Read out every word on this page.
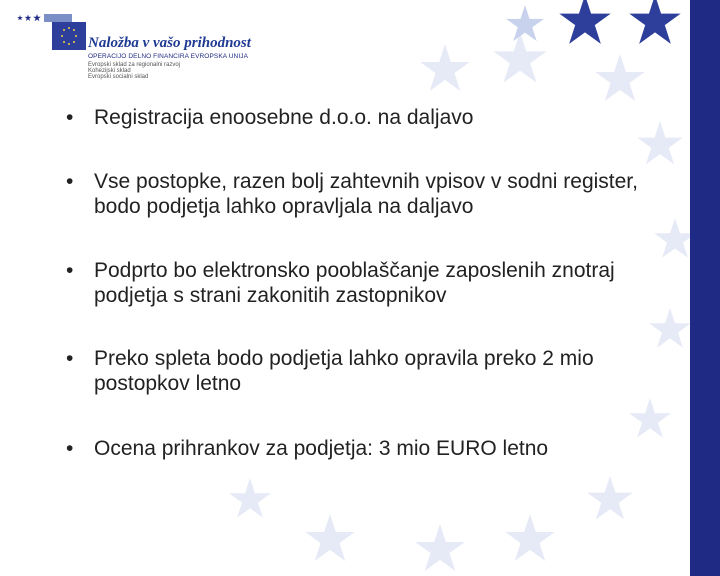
Naložba v vašo prihodnost
OPERACIJO DELNO FINANCIRA EVROPSKA UNIJA
Evropski sklad za regionalni razvoj
Kohezijski sklad
Evropski socialni sklad
• Registracija enoosebne d.o.o. na daljavo
• Vse postopke, razen bolj zahtevnih vpisov v sodni register, bodo podjetja lahko opravljala na daljavo
• Podprto bo elektronsko pooblaščanje zaposlenih znotraj podjetja s strani zakonitih zastopnikov
• Preko spleta bodo podjetja lahko opravila preko 2 mio postopkov letno
• Ocena prihrankov za podjetja: 3 mio EURO letno
